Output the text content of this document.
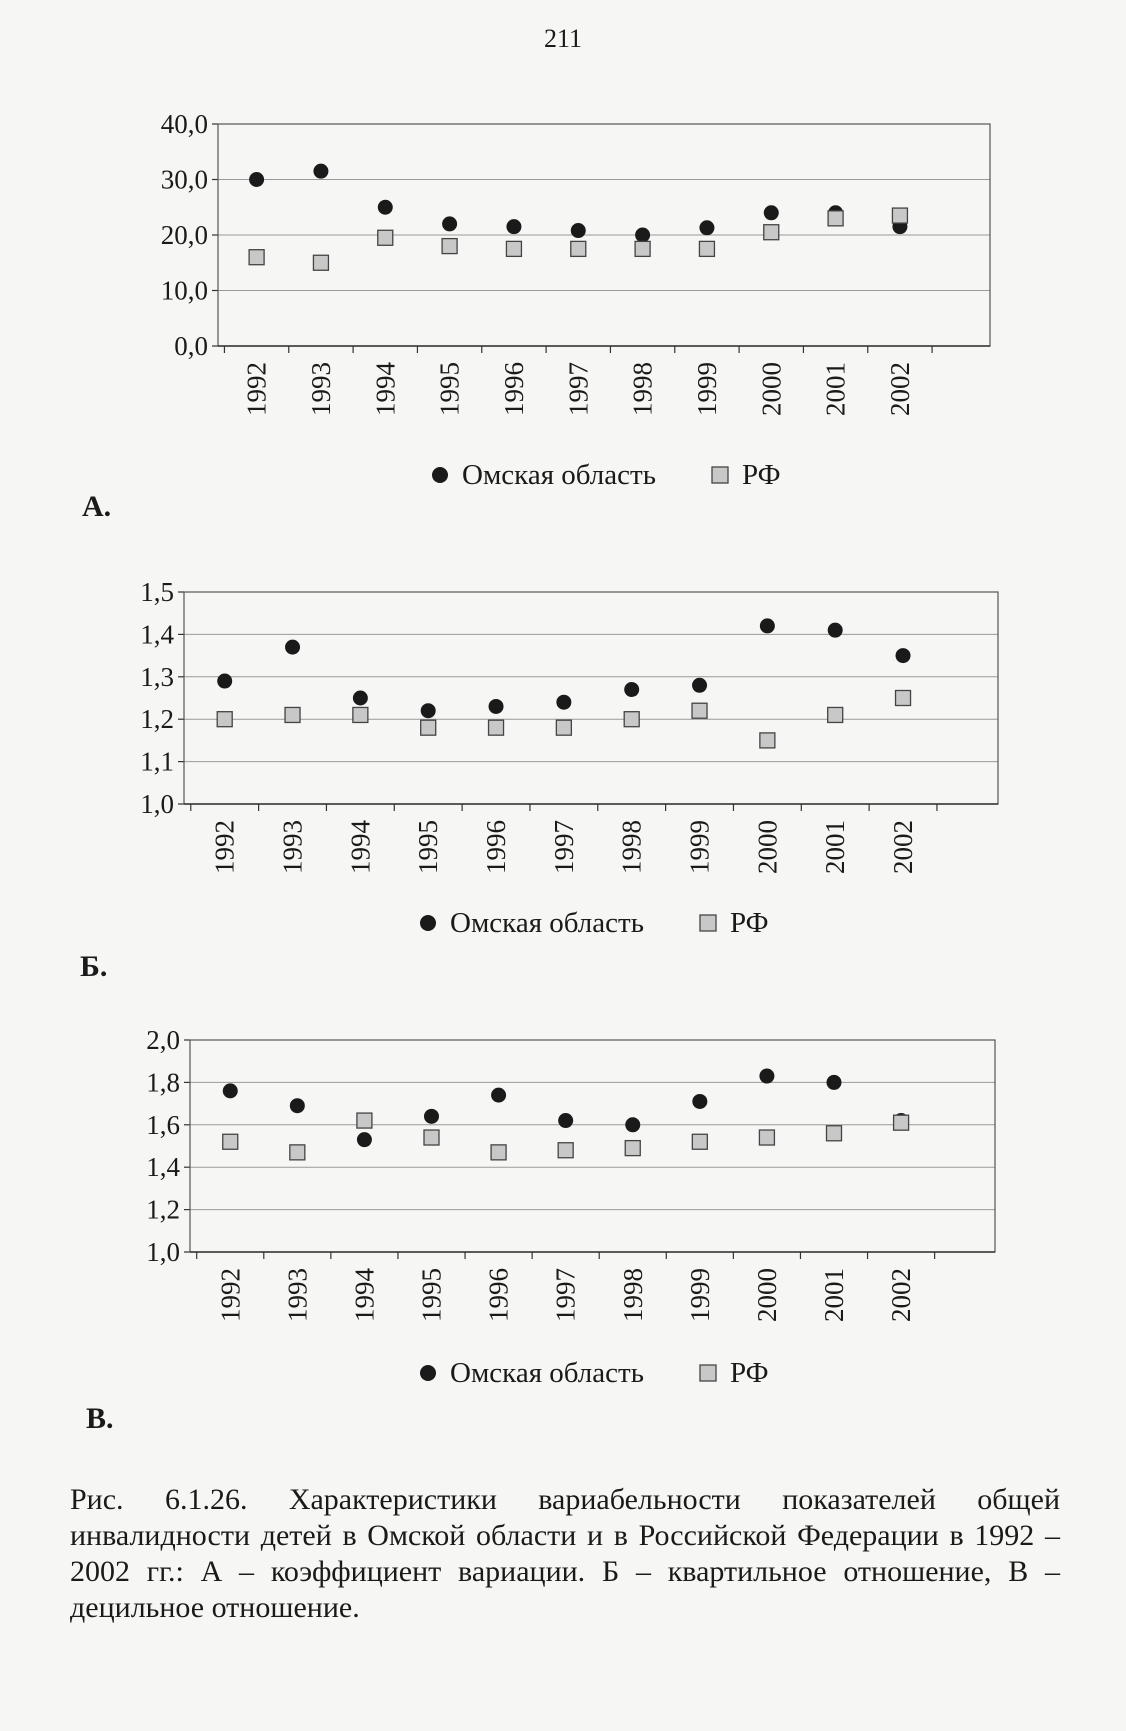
211
0,0
10,0
20,0
30,0
40,0
1992 1993 1994 1995 1996 1997 1998 1999 2000 2001 2002
Омская область	РФ
А.
1,0
1,1
1,2
1,3
1,4
1,5
1992 1993 1994 1995 1996 1997 1998 1999 2000 2001 2002
Омская область	РФ
Б.
1,0
1,2
1,4
1,6
1,8
2,0
1992 1993 1994 1995 1996 1997 1998 1999 2000 2001 2002
Омская область	РФ
В.
Рис. 6.1.26. Характеристики вариабельности показателей общей инвалидности детей в Омской области и в Российской Федерации в 1992 – 2002 гг.: А – коэффициент вариации. Б – квартильное отношение, В – децильное отношение.
